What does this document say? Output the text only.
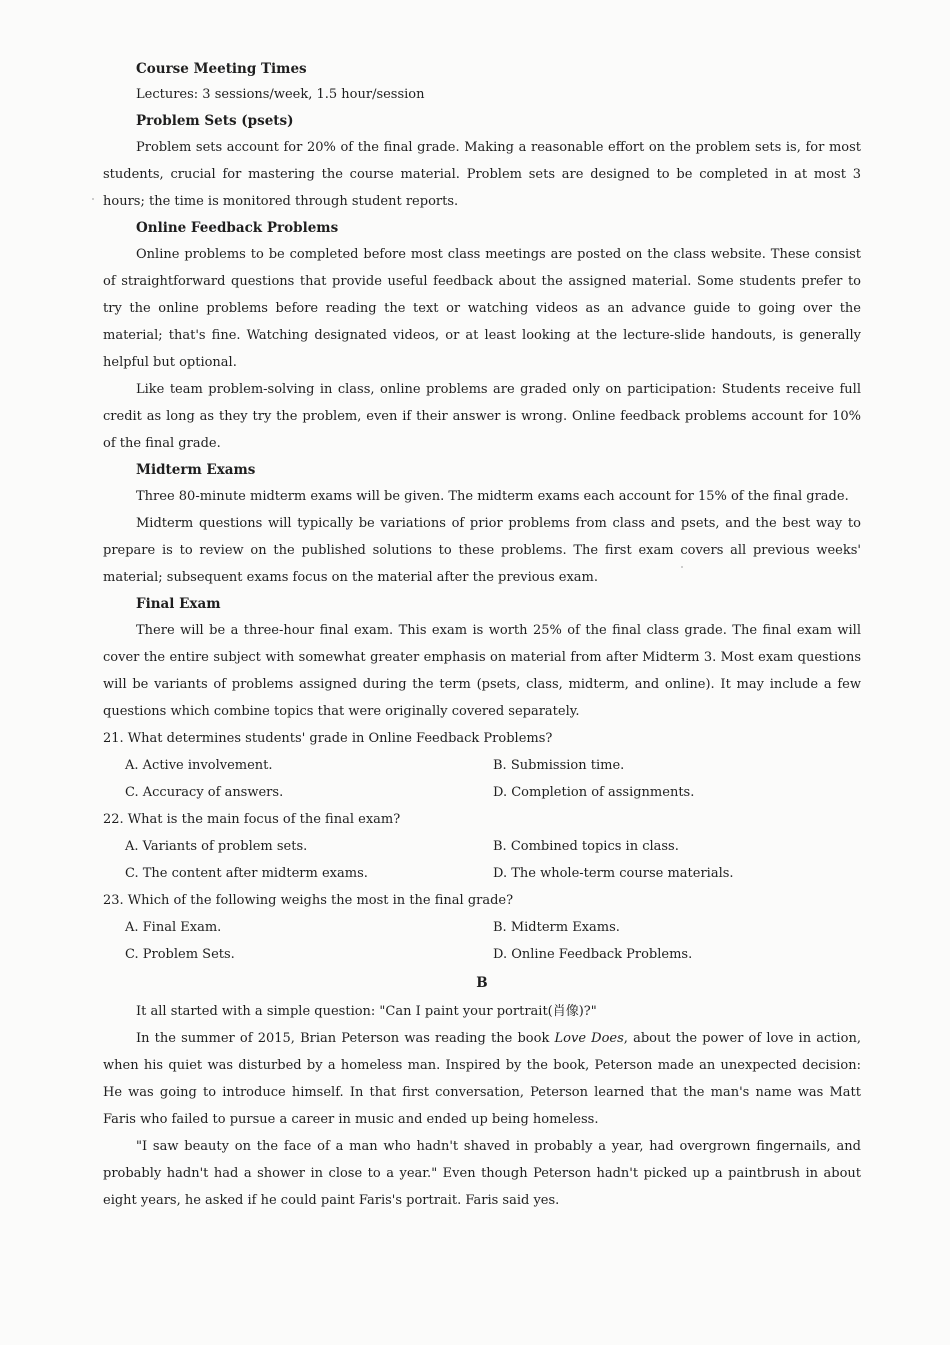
Course Meeting Times
Lectures: 3 sessions/week, 1.5 hour/session
Problem Sets (psets)

Problem sets account for 20% of the final grade. Making a reasonable effort on the problem sets is, for most students, crucial for mastering the course material. Problem sets are designed to be completed in at most 3 hours; the time is monitored through student reports.

Online Feedback Problems

Online problems to be completed before most class meetings are posted on the class website. These consist of straightforward questions that provide useful feedback about the assigned material. Some students prefer to try the online problems before reading the text or watching videos as an advance guide to going over the material; that's fine. Watching designated videos, or at least looking at the lecture-slide handouts, is generally helpful but optional.

Like team problem-solving in class, online problems are graded only on participation: Students receive full credit as long as they try the problem, even if their answer is wrong. Online feedback problems account for 10% of the final grade.

Midterm Exams

Three 80-minute midterm exams will be given. The midterm exams each account for 15% of the final grade.

Midterm questions will typically be variations of prior problems from class and psets, and the best way to prepare is to review on the published solutions to these problems. The first exam covers all previous weeks' material; subsequent exams focus on the material after the previous exam.

Final Exam

There will be a three-hour final exam. This exam is worth 25% of the final class grade. The final exam will cover the entire subject with somewhat greater emphasis on material from after Midterm 3. Most exam questions will be variants of problems assigned during the term (psets, class, midterm, and online). It may include a few questions which combine topics that were originally covered separately.

21. What determines students' grade in Online Feedback Problems?
A. Active involvement.	B. Submission time.
C. Accuracy of answers.	D. Completion of assignments.
22. What is the main focus of the final exam?
A. Variants of problem sets.	B. Combined topics in class.
C. The content after midterm exams.	D. The whole-term course materials.
23. Which of the following weighs the most in the final grade?
A. Final Exam.	B. Midterm Exams.
C. Problem Sets.	D. Online Feedback Problems.
B

It all started with a simple question: "Can I paint your portrait(肖像)?"

In the summer of 2015, Brian Peterson was reading the book Love Does, about the power of love in action, when his quiet was disturbed by a homeless man. Inspired by the book, Peterson made an unexpected decision: He was going to introduce himself. In that first conversation, Peterson learned that the man's name was Matt Faris who failed to pursue a career in music and ended up being homeless.

"I saw beauty on the face of a man who hadn't shaved in probably a year, had overgrown fingernails, and probably hadn't had a shower in close to a year." Even though Peterson hadn't picked up a paintbrush in about eight years, he asked if he could paint Faris's portrait. Faris said yes.
